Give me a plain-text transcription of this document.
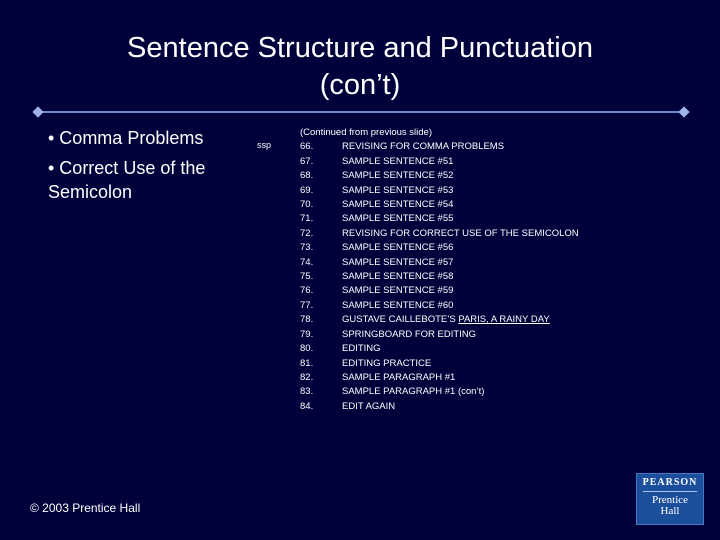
Sentence Structure and Punctuation
(con’t)
• Comma Problems
• Correct Use of the Semicolon
ssp
(Continued from previous slide)
66.	REVISING FOR COMMA PROBLEMS
67.	SAMPLE SENTENCE #51
68.	SAMPLE SENTENCE #52
69.	SAMPLE SENTENCE #53
70.	SAMPLE SENTENCE #54
71.	SAMPLE SENTENCE #55
72.	REVISING FOR CORRECT USE OF THE SEMICOLON
73.	SAMPLE SENTENCE #56
74.	SAMPLE SENTENCE #57
75.	SAMPLE SENTENCE #58
76.	SAMPLE SENTENCE #59
77.	SAMPLE SENTENCE #60
78.	GUSTAVE CAILLEBOTE’S PARIS, A RAINY DAY
79.	SPRINGBOARD FOR EDITING
80.	EDITING
81.	EDITING PRACTICE
82.	SAMPLE PARAGRAPH #1
83.	SAMPLE PARAGRAPH #1 (con’t)
84.	EDIT AGAIN
© 2003 Prentice Hall
PEARSON
Prentice
Hall
